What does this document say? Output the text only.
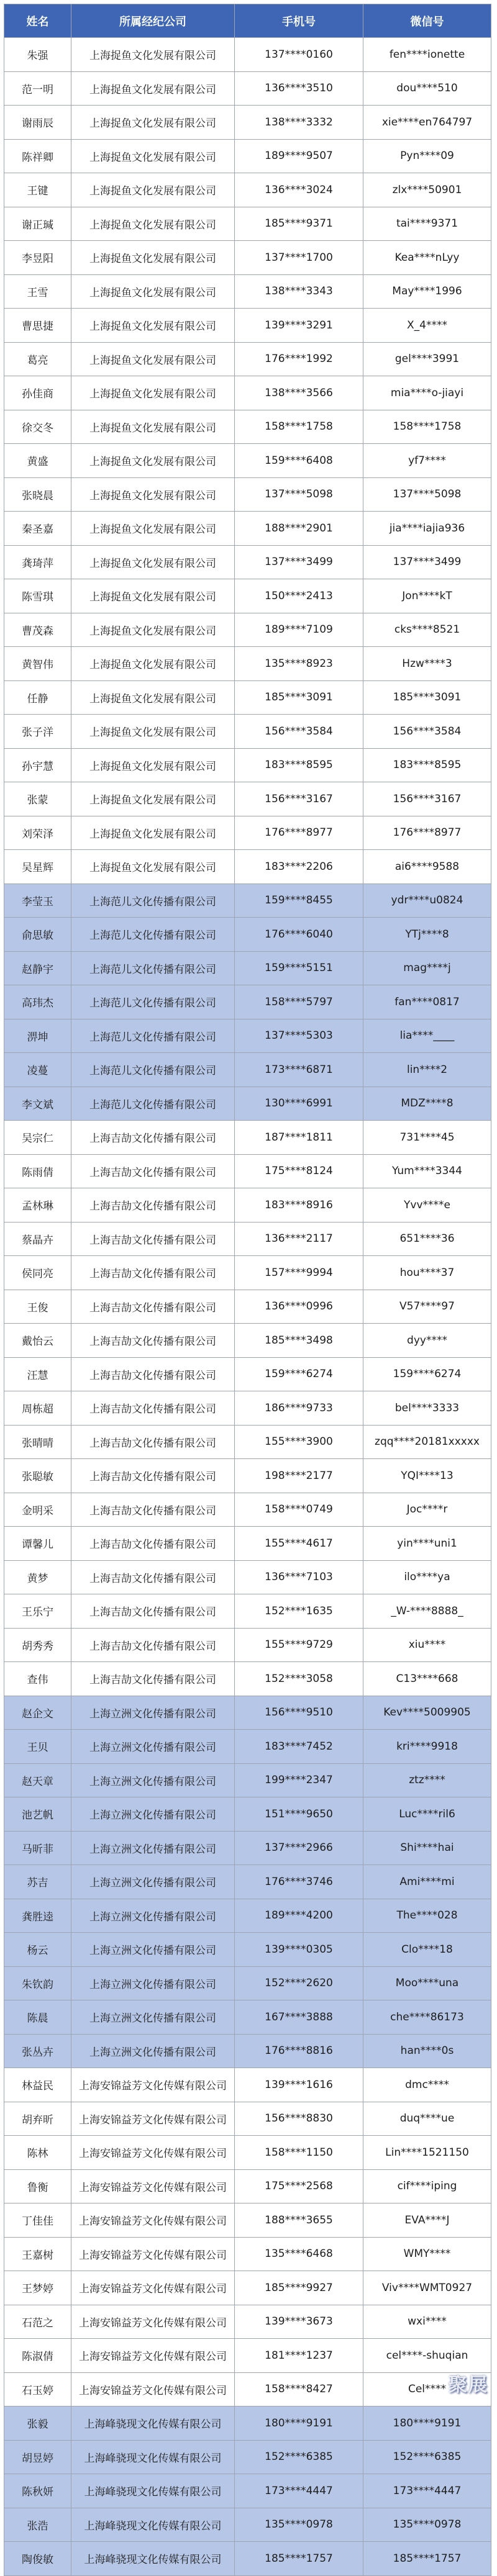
姓名	所属经纪公司	手机号	微信号
朱强	上海捉鱼文化发展有限公司	137****0160	fen****ionette
范一明	上海捉鱼文化发展有限公司	136****3510	dou****510
谢雨辰	上海捉鱼文化发展有限公司	138****3332	xie****en764797
陈祥卿	上海捉鱼文化发展有限公司	189****9507	Pyn****09
王键	上海捉鱼文化发展有限公司	136****3024	zlx****50901
谢正瑊	上海捉鱼文化发展有限公司	185****9371	tai****9371
李昱阳	上海捉鱼文化发展有限公司	137****1700	Kea****nLyy
王雪	上海捉鱼文化发展有限公司	138****3343	May****1996
曹思捷	上海捉鱼文化发展有限公司	139****3291	X_4****
葛亮	上海捉鱼文化发展有限公司	176****1992	gel****3991
孙佳商	上海捉鱼文化发展有限公司	138****3566	mia****o-jiayi
徐交冬	上海捉鱼文化发展有限公司	158****1758	158****1758
黄盛	上海捉鱼文化发展有限公司	159****6408	yf7****
张晓晨	上海捉鱼文化发展有限公司	137****5098	137****5098
秦圣嘉	上海捉鱼文化发展有限公司	188****2901	jia****iajia936
龚琦萍	上海捉鱼文化发展有限公司	137****3499	137****3499
陈雪琪	上海捉鱼文化发展有限公司	150****2413	Jon****kT
曹茂森	上海捉鱼文化发展有限公司	189****7109	cks****8521
黄智伟	上海捉鱼文化发展有限公司	135****8923	Hzw****3
任静	上海捉鱼文化发展有限公司	185****3091	185****3091
张子洋	上海捉鱼文化发展有限公司	156****3584	156****3584
孙宇慧	上海捉鱼文化发展有限公司	183****8595	183****8595
张蒙	上海捉鱼文化发展有限公司	156****3167	156****3167
刘荣泽	上海捉鱼文化发展有限公司	176****8977	176****8977
吴星辉	上海捉鱼文化发展有限公司	183****2206	ai6****9588
李莹玉	上海范儿文化传播有限公司	159****8455	ydr****u0824
俞思敏	上海范儿文化传播有限公司	176****6040	YTj****8
赵静宇	上海范儿文化传播有限公司	159****5151	mag****j
高玮杰	上海范儿文化传播有限公司	158****5797	fan****0817
淠坤	上海范儿文化传播有限公司	137****5303	lia****____
凌蔓	上海范儿文化传播有限公司	173****6871	lin****2
李文斌	上海范儿文化传播有限公司	130****6991	MDZ****8
吴宗仁	上海吉劼文化传播有限公司	187****1811	731****45
陈雨倩	上海吉劼文化传播有限公司	175****8124	Yum****3344
孟林琳	上海吉劼文化传播有限公司	183****8916	Yvv****e
蔡晶卉	上海吉劼文化传播有限公司	136****2117	651****36
侯同亮	上海吉劼文化传播有限公司	157****9994	hou****37
王俊	上海吉劼文化传播有限公司	136****0996	V57****97
戴怡云	上海吉劼文化传播有限公司	185****3498	dyy****
汪慧	上海吉劼文化传播有限公司	159****6274	159****6274
周栋超	上海吉劼文化传播有限公司	186****9733	bel****3333
张晴晴	上海吉劼文化传播有限公司	155****3900	zqq****20181xxxxx
张聪敏	上海吉劼文化传播有限公司	198****2177	YQI****13
金明采	上海吉劼文化传播有限公司	158****0749	Joc****r
谭馨儿	上海吉劼文化传播有限公司	155****4617	yin****uni1
黄梦	上海吉劼文化传播有限公司	136****7103	ilo****ya
王乐宁	上海吉劼文化传播有限公司	152****1635	_W-****8888_
胡秀秀	上海吉劼文化传播有限公司	155****9729	xiu****
查伟	上海吉劼文化传播有限公司	152****3058	C13****668
赵企文	上海立洲文化传播有限公司	156****9510	Kev****5009905
王贝	上海立洲文化传播有限公司	183****7452	kri****9918
赵天章	上海立洲文化传播有限公司	199****2347	ztz****
池艺帆	上海立洲文化传播有限公司	151****9650	Luc****ril6
马昕菲	上海立洲文化传播有限公司	137****2966	Shi****hai
苏吉	上海立洲文化传播有限公司	176****3746	Ami****mi
龚胜逵	上海立洲文化传播有限公司	189****4200	The****028
杨云	上海立洲文化传播有限公司	139****0305	Clo****18
朱钦韵	上海立洲文化传播有限公司	152****2620	Moo****una
陈晨	上海立洲文化传播有限公司	167****3888	che****86173
张丛卉	上海立洲文化传播有限公司	176****8816	han****0s
林益民	上海安锦益芳文化传媒有限公司	139****1616	dmc****
胡弃昕	上海安锦益芳文化传媒有限公司	156****8830	duq****ue
陈林	上海安锦益芳文化传媒有限公司	158****1150	Lin****1521150
鲁衡	上海安锦益芳文化传媒有限公司	175****2568	cif****iping
丁佳佳	上海安锦益芳文化传媒有限公司	188****3655	EVA****J
王嘉树	上海安锦益芳文化传媒有限公司	135****6468	WMY****
王梦婷	上海安锦益芳文化传媒有限公司	185****9927	Viv****WMT0927
石范之	上海安锦益芳文化传媒有限公司	139****3673	wxi****
陈淑倩	上海安锦益芳文化传媒有限公司	181****1237	cel****-shuqian
石玉婷	上海安锦益芳文化传媒有限公司	158****8427	Cel****
张毅	上海峰骁现文化传媒有限公司	180****9191	180****9191
胡昱婷	上海峰骁现文化传媒有限公司	152****6385	152****6385
陈秋妍	上海峰骁现文化传媒有限公司	173****4447	173****4447
张浩	上海峰骁现文化传媒有限公司	135****0978	135****0978
陶俊敏	上海峰骁现文化传媒有限公司	185****1757	185****1757
聚展
